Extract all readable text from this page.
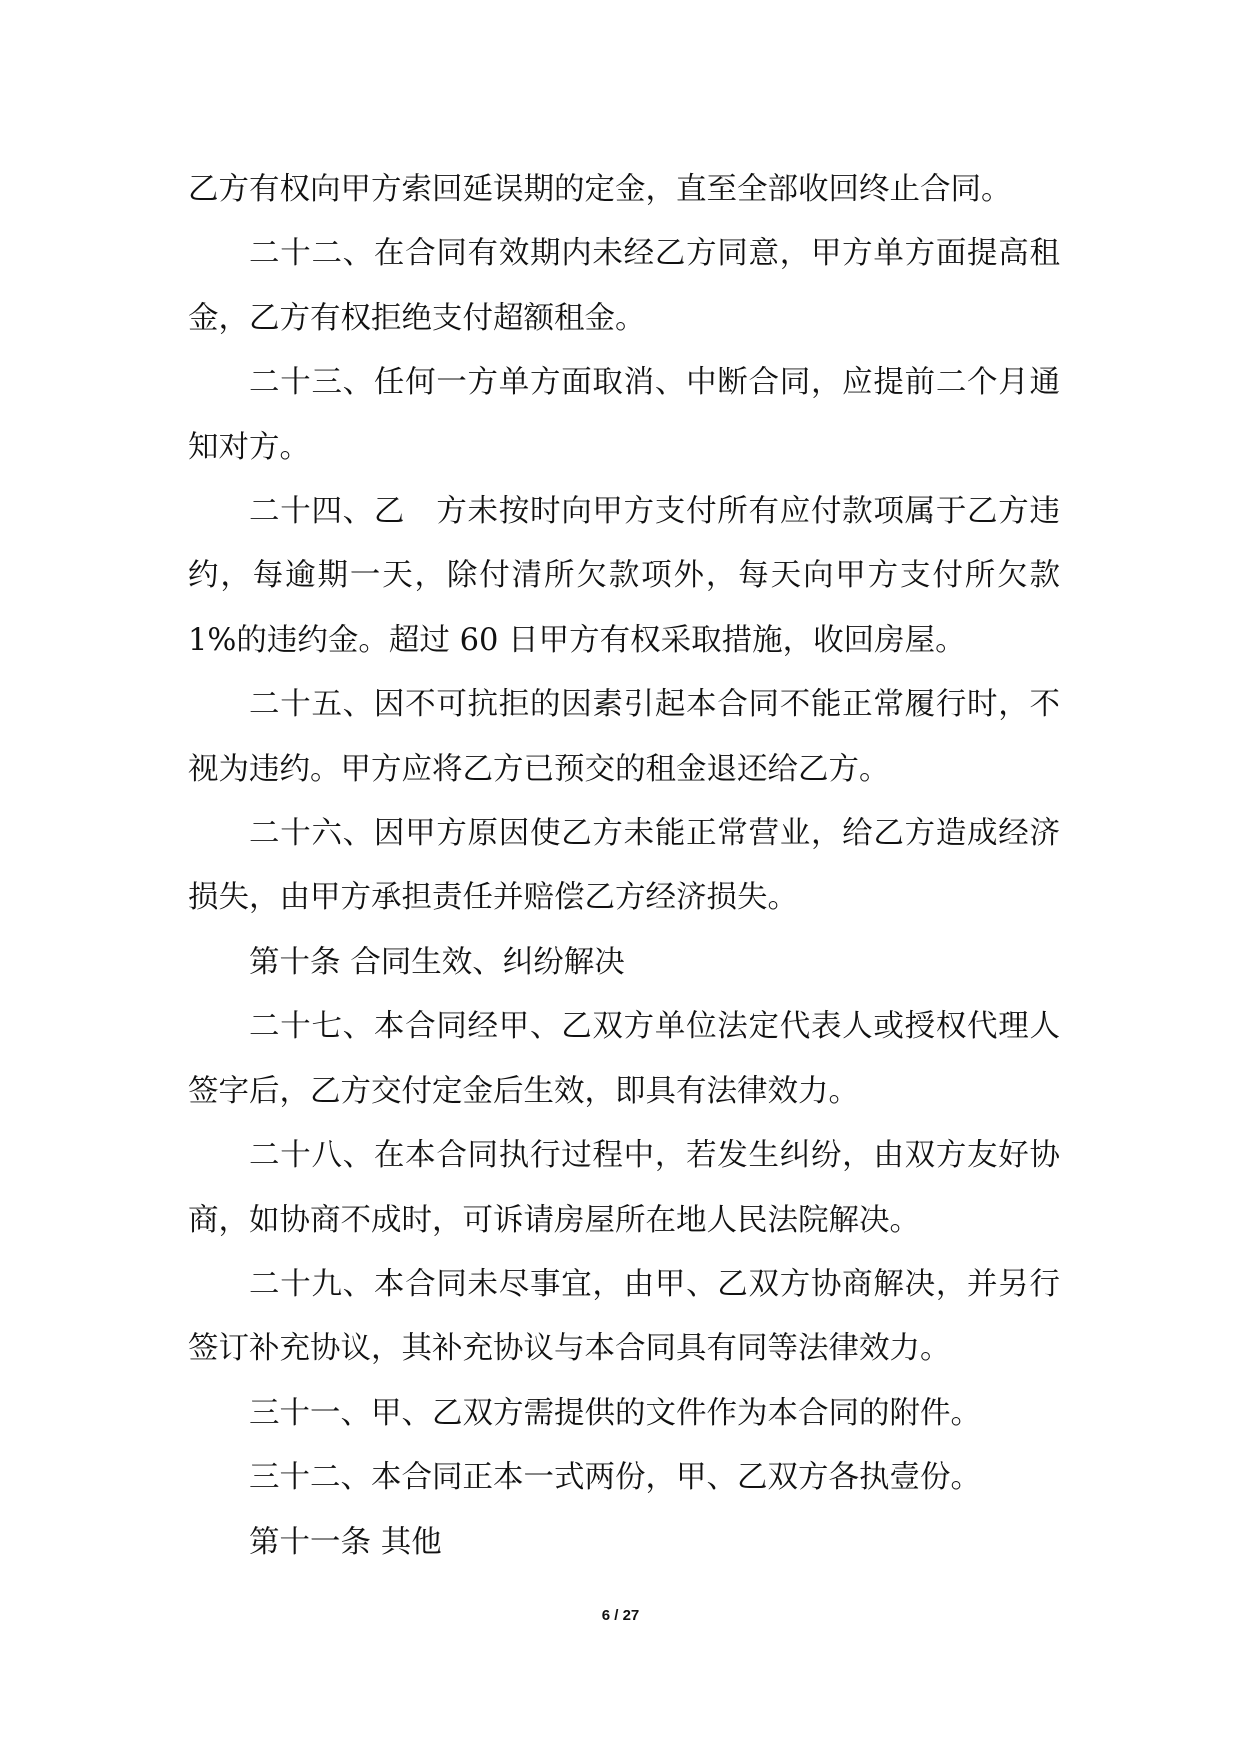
乙方有权向甲方索回延误期的定金，直至全部收回终止合同。

二十二、在合同有效期内未经乙方同意，甲方单方面提高租金，乙方有权拒绝支付超额租金。

二十三、任何一方单方面取消、中断合同，应提前二个月通知对方。

二十四、乙　方未按时向甲方支付所有应付款项属于乙方违约，每逾期一天，除付清所欠款项外，每天向甲方支付所欠款 1%的违约金。超过 60 日甲方有权采取措施，收回房屋。

二十五、因不可抗拒的因素引起本合同不能正常履行时，不视为违约。甲方应将乙方已预交的租金退还给乙方。

二十六、因甲方原因使乙方未能正常营业，给乙方造成经济损失，由甲方承担责任并赔偿乙方经济损失。

第十条 合同生效、纠纷解决

二十七、本合同经甲、乙双方单位法定代表人或授权代理人签字后，乙方交付定金后生效，即具有法律效力。

二十八、在本合同执行过程中，若发生纠纷，由双方友好协商，如协商不成时，可诉请房屋所在地人民法院解决。

二十九、本合同未尽事宜，由甲、乙双方协商解决，并另行签订补充协议，其补充协议与本合同具有同等法律效力。

三十一、甲、乙双方需提供的文件作为本合同的附件。

三十二、本合同正本一式两份，甲、乙双方各执壹份。

第十一条 其他

6 / 27
